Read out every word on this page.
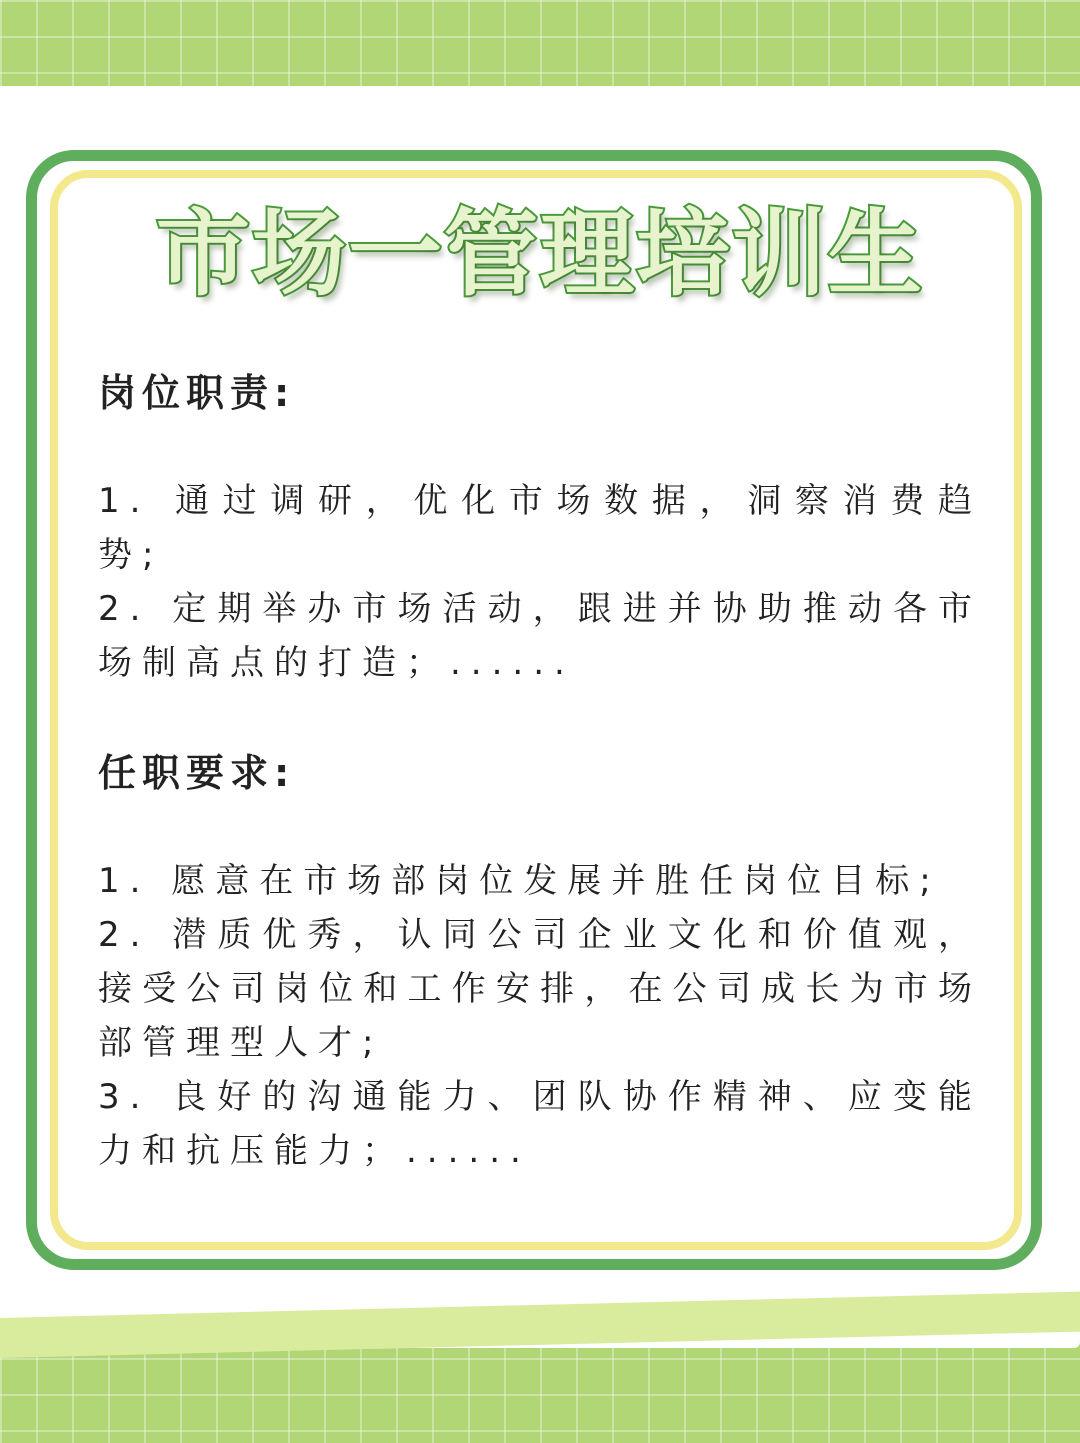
市场一管理培训生

岗位职责:

1. 通过调研，优化市场数据，洞察消费趋势;

2. 定期举办市场活动，跟进并协助推动各市场制高点的打造；......

任职要求:

1. 愿意在市场部岗位发展并胜任岗位目标;

2. 潜质优秀，认同公司企业文化和价值观，接受公司岗位和工作安排，在公司成长为市场部管理型人才;

3. 良好的沟通能力、团队协作精神、应变能力和抗压能力；......
